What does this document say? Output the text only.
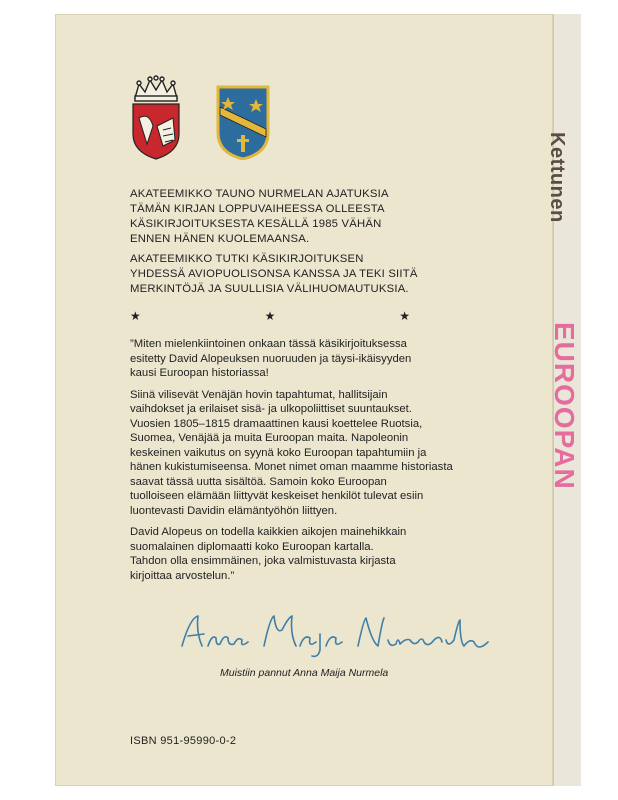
Kettunen
EUROOPAN
AKATEEMIKKO TAUNO NURMELAN AJATUKSIA
TÄMÄN KIRJAN LOPPUVAIHEESSA OLLEESTA
KÄSIKIRJOITUKSESTA KESÄLLÄ 1985 VÄHÄN
ENNEN HÄNEN KUOLEMAANSA.
AKATEEMIKKO TUTKI KÄSIKIRJOITUKSEN
YHDESSÄ AVIOPUOLISONSA KANSSA JA TEKI SIITÄ
MERKINTÖJÄ JA SUULLISIA VÄLIHUOMAUTUKSIA.
★	★	★
”Miten mielenkiintoinen onkaan tässä käsikirjoituksessa
esitetty David Alopeuksen nuoruuden ja täysi-ikäisyyden
kausi Euroopan historiassa!
Siinä vilisevät Venäjän hovin tapahtumat, hallitsijain
vaihdokset ja erilaiset sisä- ja ulkopoliittiset suuntaukset.
Vuosien 1805–1815 dramaattinen kausi koettelee Ruotsia,
Suomea, Venäjää ja muita Euroopan maita. Napoleonin
keskeinen vaikutus on syynä koko Euroopan tapahtumiin ja
hänen kukistumiseensa. Monet nimet oman maamme historiasta
saavat tässä uutta sisältöä. Samoin koko Euroopan
tuolloiseen elämään liittyvät keskeiset henkilöt tulevat esiin
luontevasti Davidin elämäntyöhön liittyen.
David Alopeus on todella kaikkien aikojen mainehikkain
suomalainen diplomaatti koko Euroopan kartalla.
Tahdon olla ensimmäinen, joka valmistuvasta kirjasta
kirjoittaa arvostelun.”
Muistiin pannut Anna Maija Nurmela
ISBN 951-95990-0-2
